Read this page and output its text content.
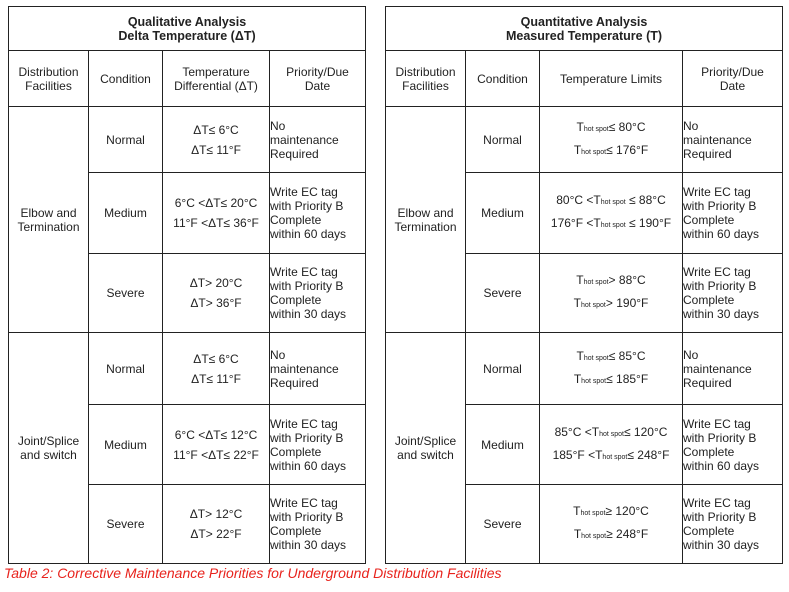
Qualitative Analysis
Delta Temperature (ΔT)			

Distribution
Facilities	Condition	Temperature
Differential (ΔT)	Priority/Due
Date

Elbow and
Termination	Normal	ΔT≤ 6°C
ΔT≤ 11°F	No
maintenance
Required

	Medium	6°C <ΔT≤ 20°C
11°F <ΔT≤ 36°F	Write EC tag
with Priority B
Complete
within 60 days

	Severe	ΔT> 20°C
ΔT> 36°F	Write EC tag
with Priority B
Complete
within 30 days

Joint/Splice
and switch	Normal	ΔT≤ 6°C
ΔT≤ 11°F	No
maintenance
Required

	Medium	6°C <ΔT≤ 12°C
11°F <ΔT≤ 22°F	Write EC tag
with Priority B
Complete
within 60 days

	Severe	ΔT> 12°C
ΔT> 22°F	Write EC tag
with Priority B
Complete
within 30 days
Quantitative Analysis
Measured Temperature (T)			

Distribution
Facilities	Condition	Temperature Limits	Priority/Due
Date

Elbow and
Termination	Normal	Thot spot≤ 80°C
Thot spot≤ 176°F	No
maintenance
Required

	Medium	80°C <Thot spot ≤ 88°C
176°F <Thot spot ≤ 190°F	Write EC tag
with Priority B
Complete
within 60 days

	Severe	Thot spot> 88°C
Thot spot> 190°F	Write EC tag
with Priority B
Complete
within 30 days

Joint/Splice
and switch	Normal	Thot spot≤ 85°C
Thot spot≤ 185°F	No
maintenance
Required

	Medium	85°C <Thot spot≤ 120°C
185°F <Thot spot≤ 248°F	Write EC tag
with Priority B
Complete
within 60 days

	Severe	Thot spot≥ 120°C
Thot spot≥ 248°F	Write EC tag
with Priority B
Complete
within 30 days
Table 2: Corrective Maintenance Priorities for Underground Distribution Facilities
